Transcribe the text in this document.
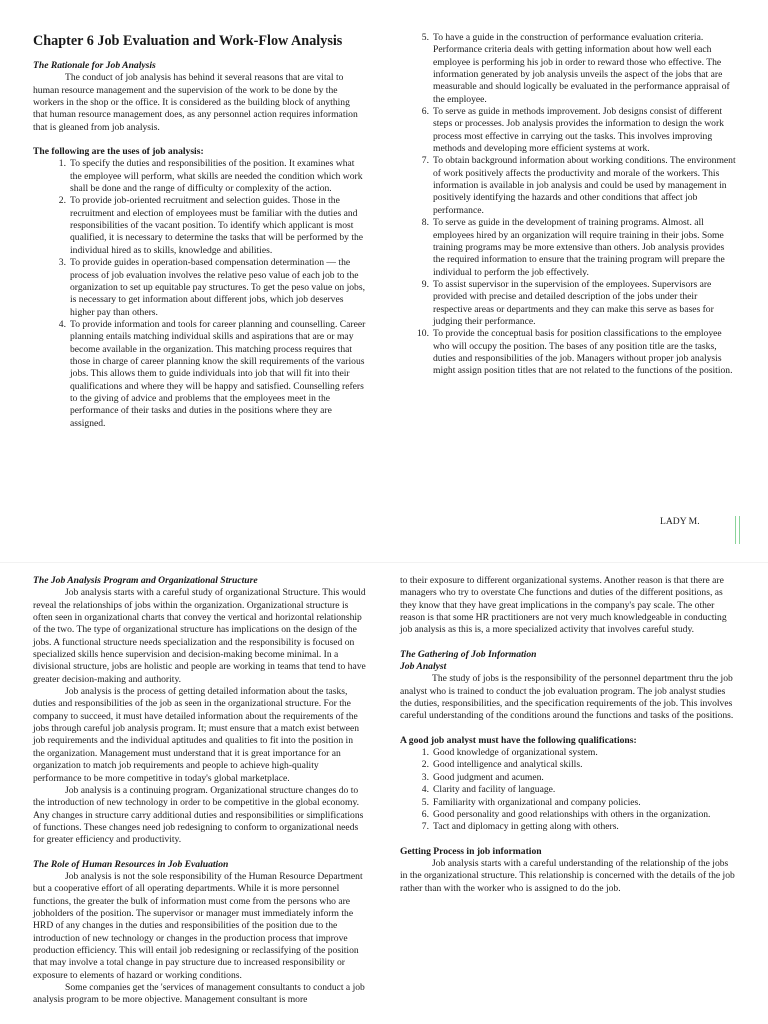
Chapter 6 Job Evaluation and Work-Flow Analysis

The Rationale for Job Analysis

The conduct of job analysis has behind it several reasons that are vital to human resource management and the supervision of the work to be done by the workers in the shop or the office. It is considered as the building block of anything that human resource management does, as any personnel action requires information that is gleaned from job analysis.

The following are the uses of job analysis:

1. To specify the duties and responsibilities of the position. It examines what the employee will perform, what skills are needed the condition which work shall be done and the range of difficulty or complexity of the action.
2. To provide job-oriented recruitment and selection guides. Those in the recruitment and election of employees must be familiar with the duties and responsibilities of the vacant position. To identify which applicant is most qualified, it is necessary to determine the tasks that will be performed by the individual hired as to skills, knowledge and abilities.
3. To provide guides in operation-based compensation determination — the process of job evaluation involves the relative peso value of each job to the organization to set up equitable pay structures. To get the peso value on jobs, is necessary to get information about different jobs, which job deserves higher pay than others.
4. To provide information and tools for career planning and counselling. Career planning entails matching individual skills and aspirations that are or may become available in the organization. This matching process requires that those in charge of career planning know the skill requirements of the various jobs. This allows them to guide individuals into job that will fit into their qualifications and where they will be happy and satisfied. Counselling refers to the giving of advice and problems that the employees meet in the performance of their tasks and duties in the positions where they are assigned.
5. To have a guide in the construction of performance evaluation criteria. Performance criteria deals with getting information about how well each employee is performing his job in order to reward those who effective. The information generated by job analysis unveils the aspect of the jobs that are measurable and should logically be evaluated in the performance appraisal of the employee.
6. To serve as guide in methods improvement. Job designs consist of different steps or processes. Job analysis provides the information to design the work process most effective in carrying out the tasks. This involves improving methods and developing more efficient systems at work.
7. To obtain background information about working conditions. The environment of work positively affects the productivity and morale of the workers. This information is available in job analysis and could be used by management in positively identifying the hazards and other conditions that affect job performance.
8. To serve as guide in the development of training programs. Almost. all employees hired by an organization will require training in their jobs. Some training programs may be more extensive than others. Job analysis provides the required information to ensure that the training program will prepare the individual to perform the job effectively.
9. To assist supervisor in the supervision of the employees. Supervisors are provided with precise and detailed description of the jobs under their respective areas or departments and they can make this serve as bases for judging their performance.
10. To provide the conceptual basis for position classifications to the employee who will occupy the position. The bases of any position title are the tasks, duties and responsibilities of the job. Managers without proper job analysis might assign position titles that are not related to the functions of the position.
LADY M.

The Job Analysis Program and Organizational Structure

Job analysis starts with a careful study of organizational Structure. This would reveal the relationships of jobs within the organization. Organizational structure is often seen in organizational charts that convey the vertical and horizontal relationship of the two. The type of organizational structure has implications on the design of the jobs. A functional structure needs specialization and the responsibility is focused on specialized skills hence supervision and decision-making become minimal. In a divisional structure, jobs are holistic and people are working in teams that tend to have greater decision-making and authority.

Job analysis is the process of getting detailed information about the tasks, duties and responsibilities of the job as seen in the organizational structure. For the company to succeed, it must have detailed information about the requirements of the jobs through careful job analysis program. It; must ensure that a match exist between job requirements and the individual aptitudes and qualities to fit into the position in the organization. Management must understand that it is great importance for an organization to match job requirements and people to achieve high-quality performance to be more competitive in today's global marketplace.

Job analysis is a continuing program. Organizational structure changes do to the introduction of new technology in order to be competitive in the global economy. Any changes in structure carry additional duties and responsibilities or simplifications of functions. These changes need job redesigning to conform to organizational needs for greater efficiency and productivity.

The Role of Human Resources in Job Evaluation

Job analysis is not the sole responsibility of the Human Resource Department but a cooperative effort of all operating departments. While it is more personnel functions, the greater the bulk of information must come from the persons who are jobholders of the position. The supervisor or manager must immediately inform the HRD of any changes in the duties and responsibilities of the position due to the introduction of new technology or changes in the production process that improve production efficiency. This will entail job redesigning or reclassifying of the position that may involve a total change in pay structure due to increased responsibility or exposure to elements of hazard or working conditions.

Some companies get the 'services of management consultants to conduct a job analysis program to be more objective. Management consultant is more

to their exposure to different organizational systems. Another reason is that there are managers who try to overstate Che functions and duties of the different positions, as they know that they have great implications in the company's pay scale. The other reason is that some HR practitioners are not very much knowledgeable in conducting job analysis as this is, a more specialized activity that involves careful study.

The Gathering of Job Information

Job Analyst

The study of jobs is the responsibility of the personnel department thru the job analyst who is trained to conduct the job evaluation program. The job analyst studies the duties, responsibilities, and the specification requirements of the job. This involves careful understanding of the conditions around the functions and tasks of the positions.

A good job analyst must have the following qualifications:

1. Good knowledge of organizational system.
2. Good intelligence and analytical skills.
3. Good judgment and acumen.
4. Clarity and facility of language.
5. Familiarity with organizational and company policies.
6. Good personality and good relationships with others in the organization.
7. Tact and diplomacy in getting along with others.

Getting Process in job information

Job analysis starts with a careful understanding of the relationship of the jobs in the organizational structure. This relationship is concerned with the details of the job rather than with the worker who is assigned to do the job.
